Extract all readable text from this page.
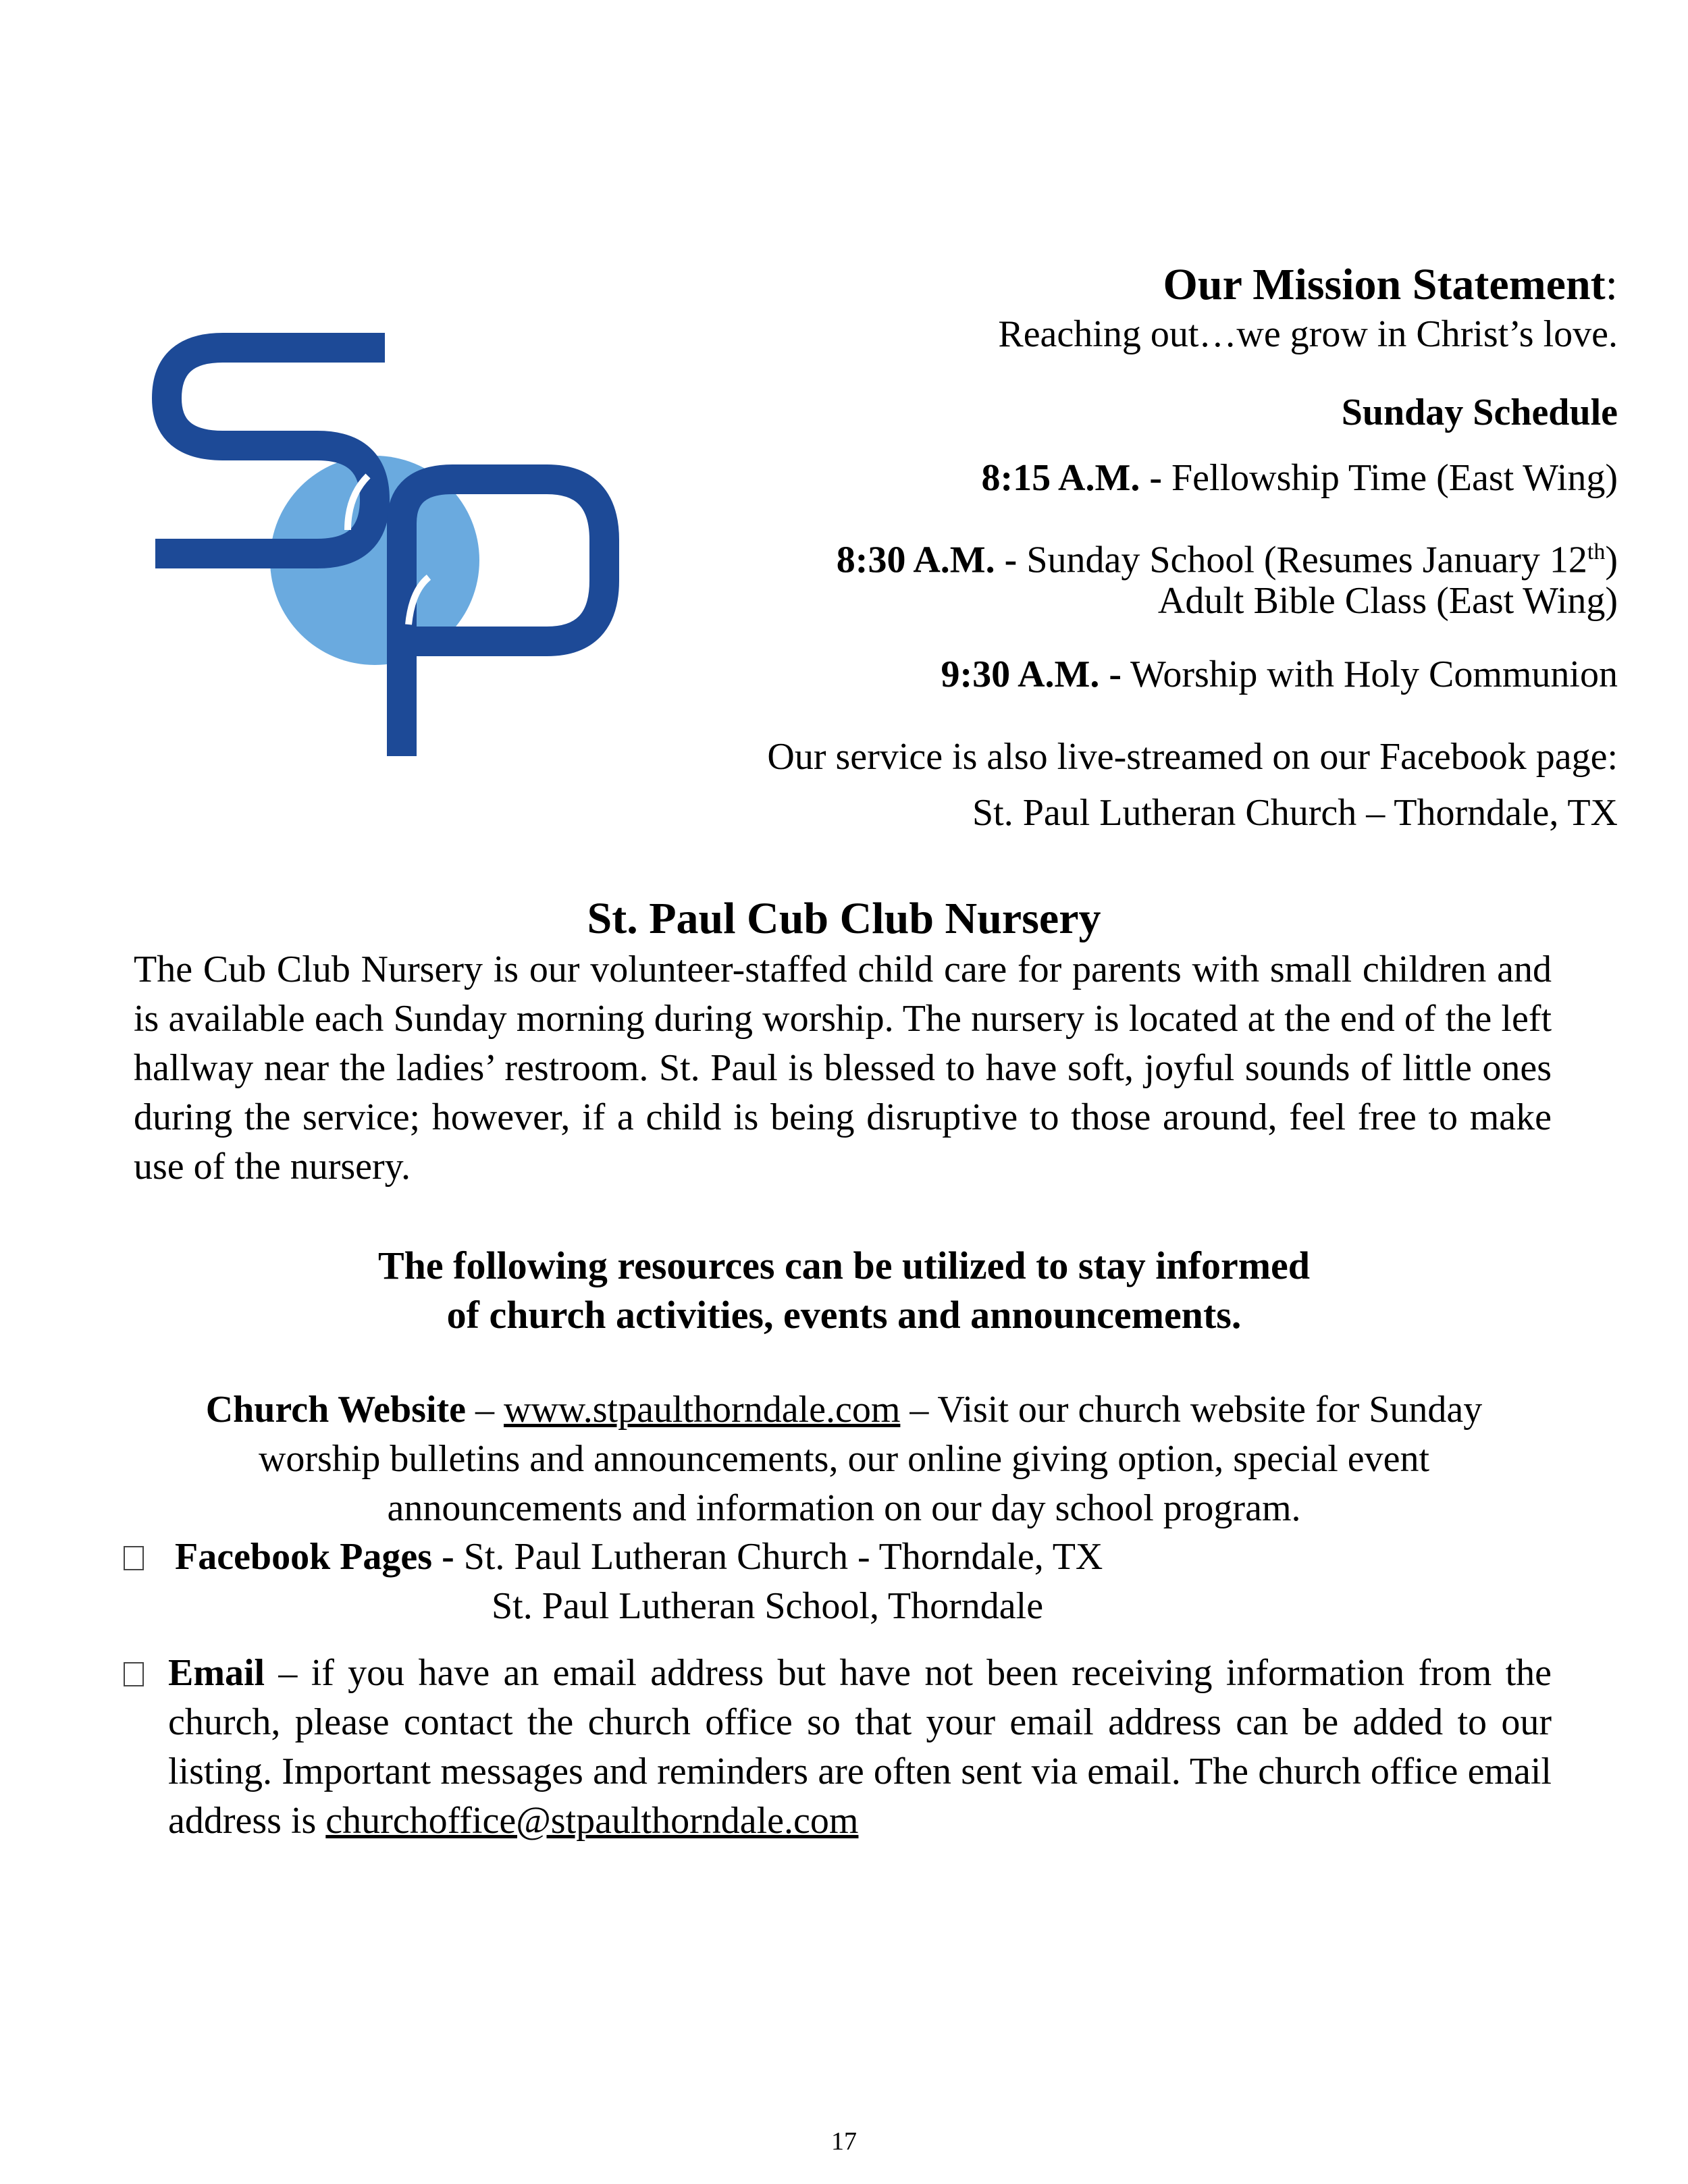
Our Mission Statement:
Reaching out…we grow in Christ’s love.
Sunday Schedule
8:15 A.M. - Fellowship Time (East Wing)
8:30 A.M. - Sunday School (Resumes January 12th)
Adult Bible Class (East Wing)
9:30 A.M. - Worship with Holy Communion
Our service is also live-streamed on our Facebook page:
St. Paul Lutheran Church – Thorndale, TX
St. Paul Cub Club Nursery
The Cub Club Nursery is our volunteer-staffed child care for parents with small children and is available each Sunday morning during worship. The nursery is located at the end of the left hallway near the ladies’ restroom. St. Paul is blessed to have soft, joyful sounds of little ones during the service; however, if a child is being disruptive to those around, feel free to make use of the nursery.
The following resources can be utilized to stay informed
of church activities, events and announcements.
Church Website – www.stpaulthorndale.com – Visit our church website for Sunday
worship bulletins and announcements, our online giving option, special event
announcements and information on our day school program.
Facebook Pages - St. Paul Lutheran Church - Thorndale, TX
St. Paul Lutheran School, Thorndale
Email – if you have an email address but have not been receiving information from the church, please contact the church office so that your email address can be added to our listing. Important messages and reminders are often sent via email. The church office email address is churchoffice@stpaulthorndale.com
17
